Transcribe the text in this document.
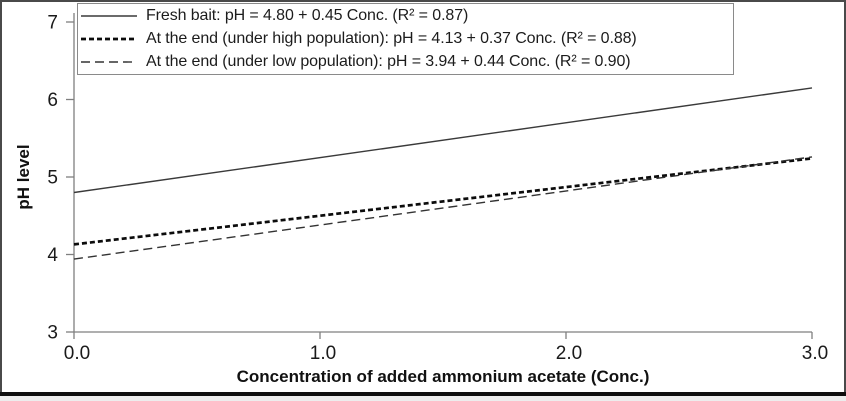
3
4
5
6
7
0.0	1.0	2.0	3.0
Fresh bait: pH = 4.80 + 0.45 Conc. (R² = 0.87)
At the end (under high population): pH = 4.13 + 0.37 Conc. (R² = 0.88)
At the end (under low population): pH = 3.94 + 0.44 Conc. (R² = 0.90)
pH level
Concentration of added ammonium acetate (Conc.)
